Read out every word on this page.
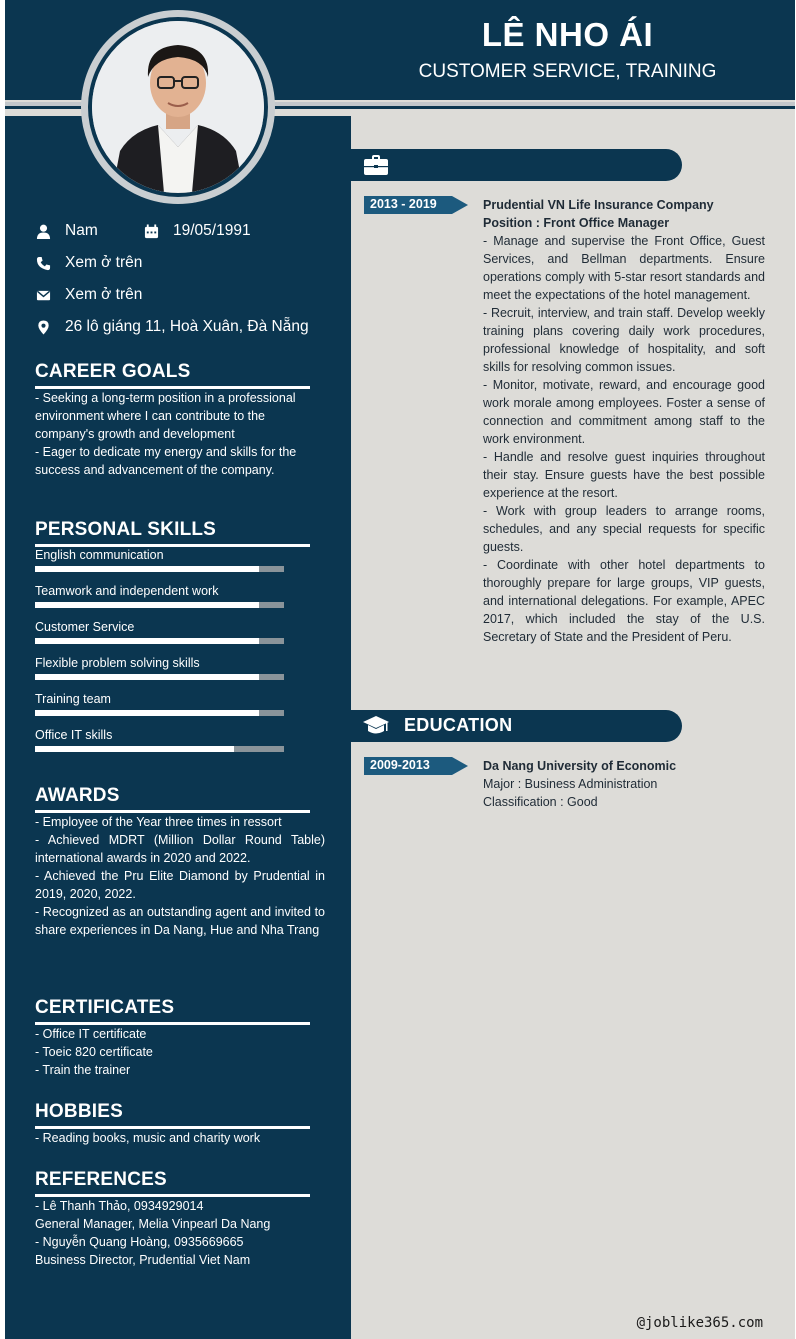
LÊ NHO ÁI
CUSTOMER SERVICE, TRAINING
Nam	19/05/1991
Xem ở trên
Xem ở trên
26 lô giáng 11, Hoà Xuân, Đà Nẵng
CAREER GOALS

- Seeking a long-term position in a professional environment where I can contribute to the company's growth and development

- Eager to dedicate my energy and skills for the success and advancement of the company.

PERSONAL SKILLS
English communication
Teamwork and independent work
Customer Service
Flexible problem solving skills
Training team
Office IT skills
AWARDS

- Employee of the Year three times in ressort

- Achieved MDRT (Million Dollar Round Table) international awards in 2020 and 2022.

- Achieved the Pru Elite Diamond by Prudential in 2019, 2020, 2022.

- Recognized as an outstanding agent and invited to share experiences in Da Nang, Hue and Nha Trang

CERTIFICATES

- Office IT certificate

- Toeic 820 certificate

- Train the trainer

HOBBIES

- Reading books, music and charity work

REFERENCES

- Lê Thanh Thảo, 0934929014

General Manager, Melia Vinpearl Da Nang

- Nguyễn Quang Hoàng, 0935669665

Business Director, Prudential Viet Nam

2013 - 2019	Prudential VN Life Insurance Company

Position : Front Office Manager

- Manage and supervise the Front Office, Guest Services, and Bellman departments. Ensure operations comply with 5-star resort standards and meet the expectations of the hotel management.

- Recruit, interview, and train staff. Develop weekly training plans covering daily work procedures, professional knowledge of hospitality, and soft skills for resolving common issues.

- Monitor, motivate, reward, and encourage good work morale among employees. Foster a sense of connection and commitment among staff to the work environment.

- Handle and resolve guest inquiries throughout their stay. Ensure guests have the best possible experience at the resort.

- Work with group leaders to arrange rooms, schedules, and any special requests for specific guests.

- Coordinate with other hotel departments to thoroughly prepare for large groups, VIP guests, and international delegations. For example, APEC 2017, which included the stay of the U.S. Secretary of State and the President of Peru.

EDUCATION
2009-2013	Da Nang University of Economic

Major : Business Administration

Classification : Good

@joblike365.com
